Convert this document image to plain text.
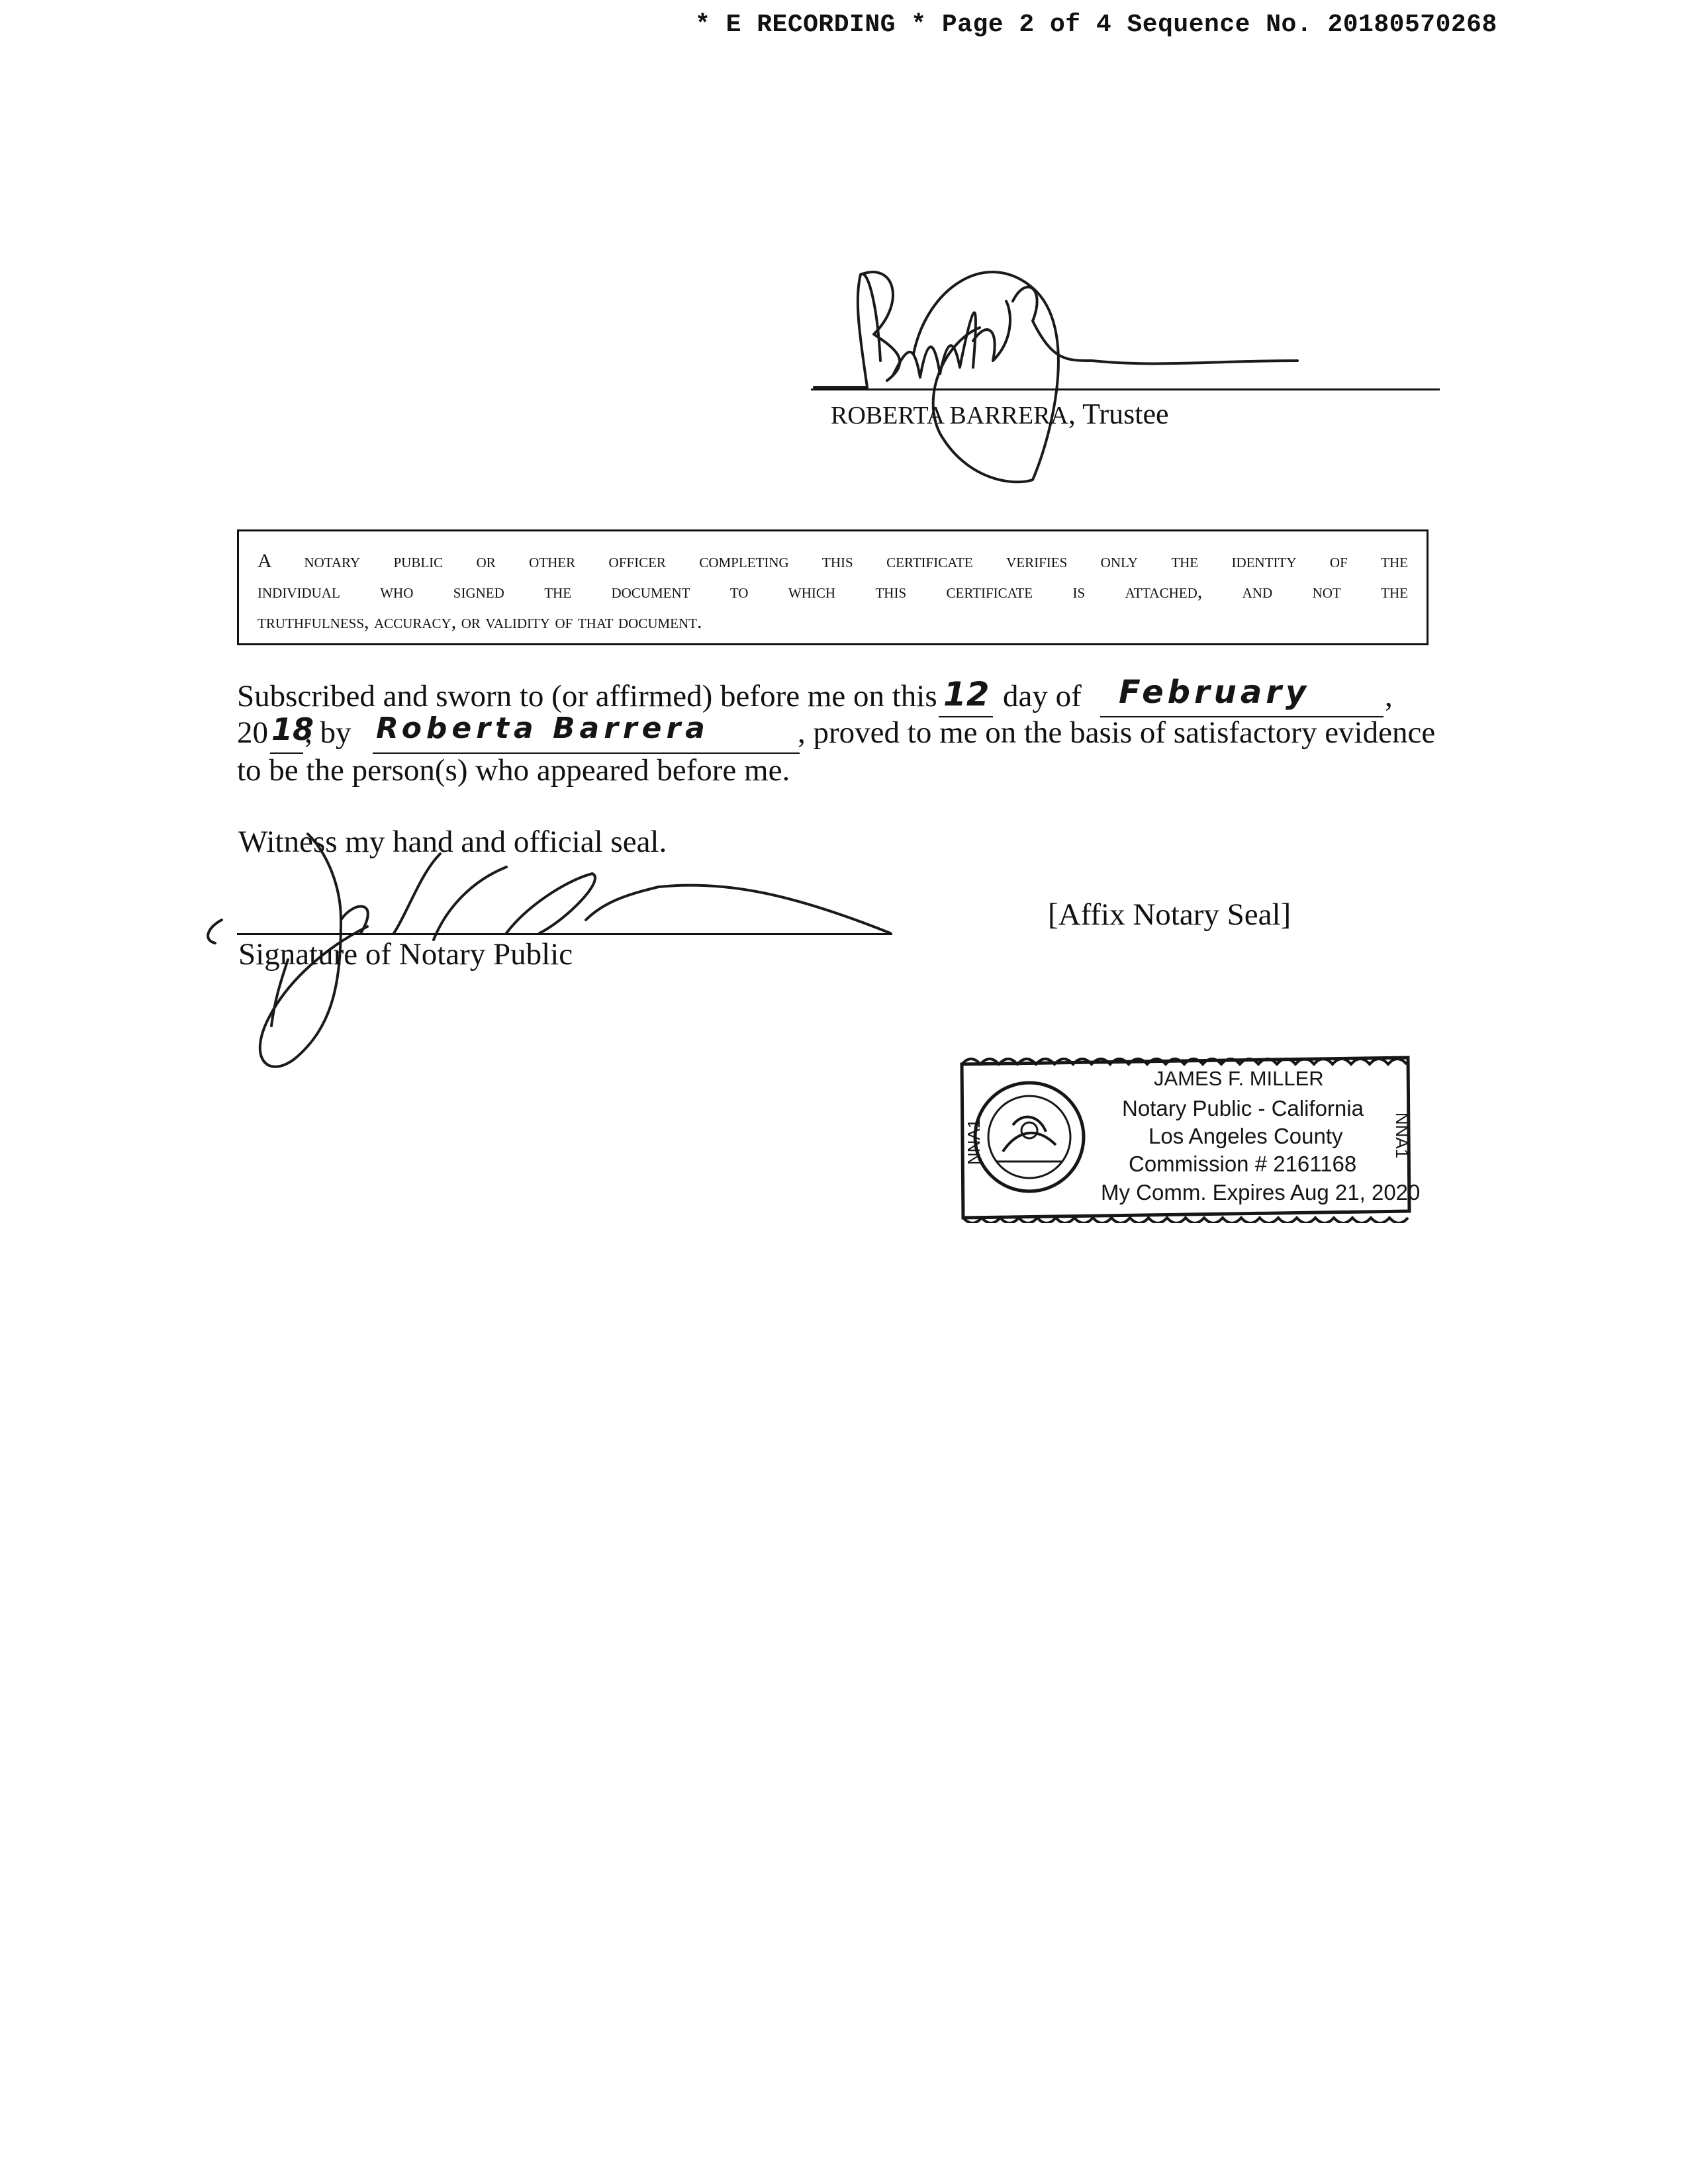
* E RECORDING * Page 2 of 4 Sequence No. 20180570268
ROBERTA BARRERA, Trustee
A notary public or other officer completing this certificate verifies only the identity of the
individual who signed the document to which this certificate is attached, and not the
truthfulness, accuracy, or validity of that document.
Subscribed and sworn to (or affirmed) before me on this 12 day of February ,
20 18
, by Roberta Barrera	, proved to me on the basis of satisfactory evidence
to be the person(s) who appeared before me.
Witness my hand and official seal.
Signature of Notary Public
[Affix Notary Seal]
NNA1	NNA1
JAMES F. MILLER
Notary Public - California
Los Angeles County
Commission # 2161168
My Comm. Expires Aug 21, 2020
